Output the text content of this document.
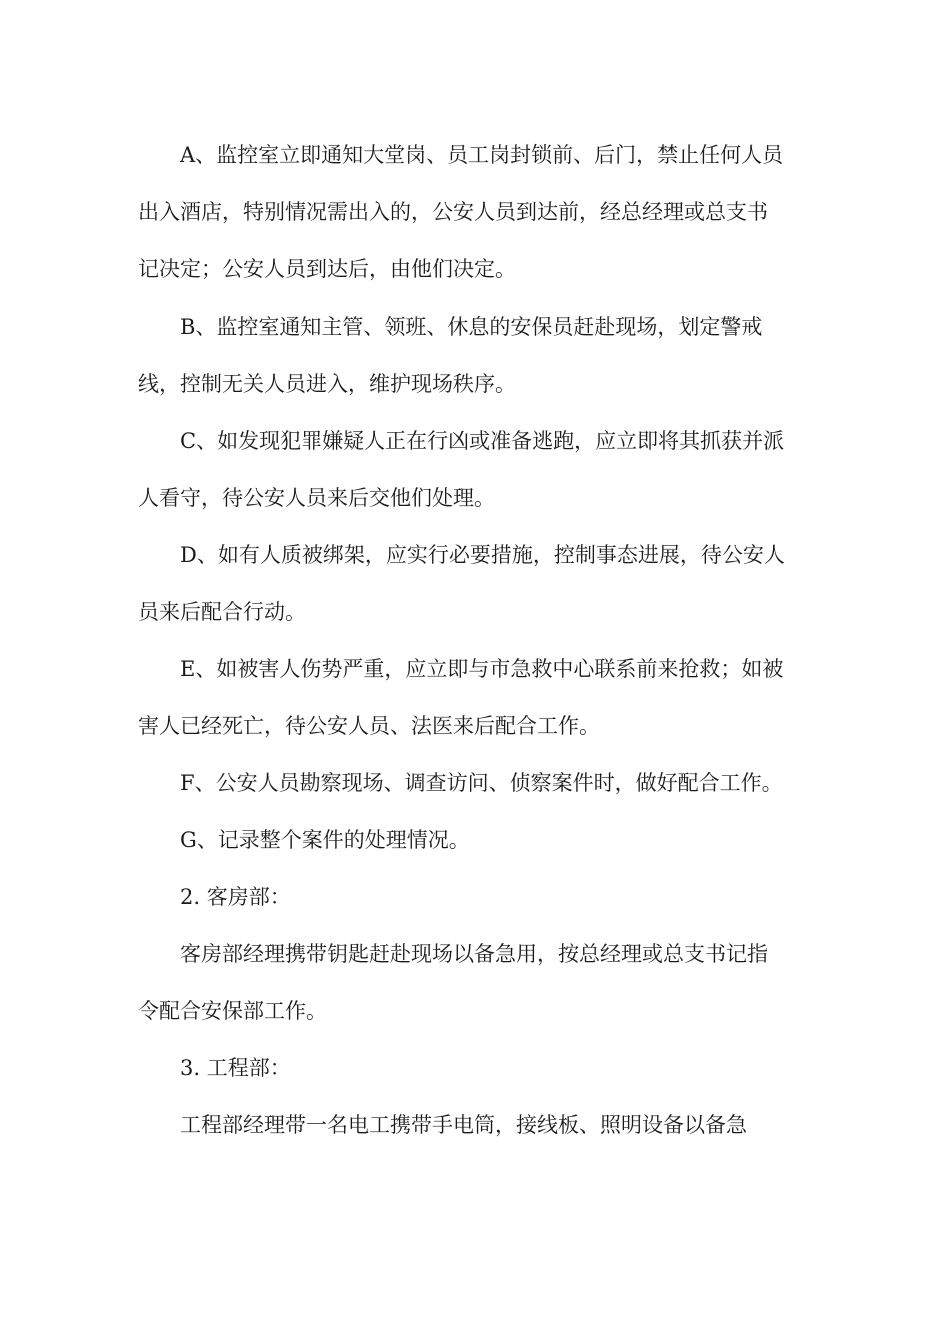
A、监控室立即通知大堂岗、员工岗封锁前、后门，禁止任何人员
出入酒店，特别情况需出入的，公安人员到达前，经总经理或总支书
记决定；公安人员到达后，由他们决定。
B、监控室通知主管、领班、休息的安保员赶赴现场，划定警戒
线，控制无关人员进入，维护现场秩序。
C、如发现犯罪嫌疑人正在行凶或准备逃跑，应立即将其抓获并派
人看守，待公安人员来后交他们处理。
D、如有人质被绑架，应实行必要措施，控制事态进展，待公安人
员来后配合行动。
E、如被害人伤势严重，应立即与市急救中心联系前来抢救；如被
害人已经死亡，待公安人员、法医来后配合工作。
F、公安人员勘察现场、调查访问、侦察案件时，做好配合工作。
G、记录整个案件的处理情况。
2. 客房部：
客房部经理携带钥匙赶赴现场以备急用，按总经理或总支书记指
令配合安保部工作。
3. 工程部：
工程部经理带一名电工携带手电筒，接线板、照明设备以备急
